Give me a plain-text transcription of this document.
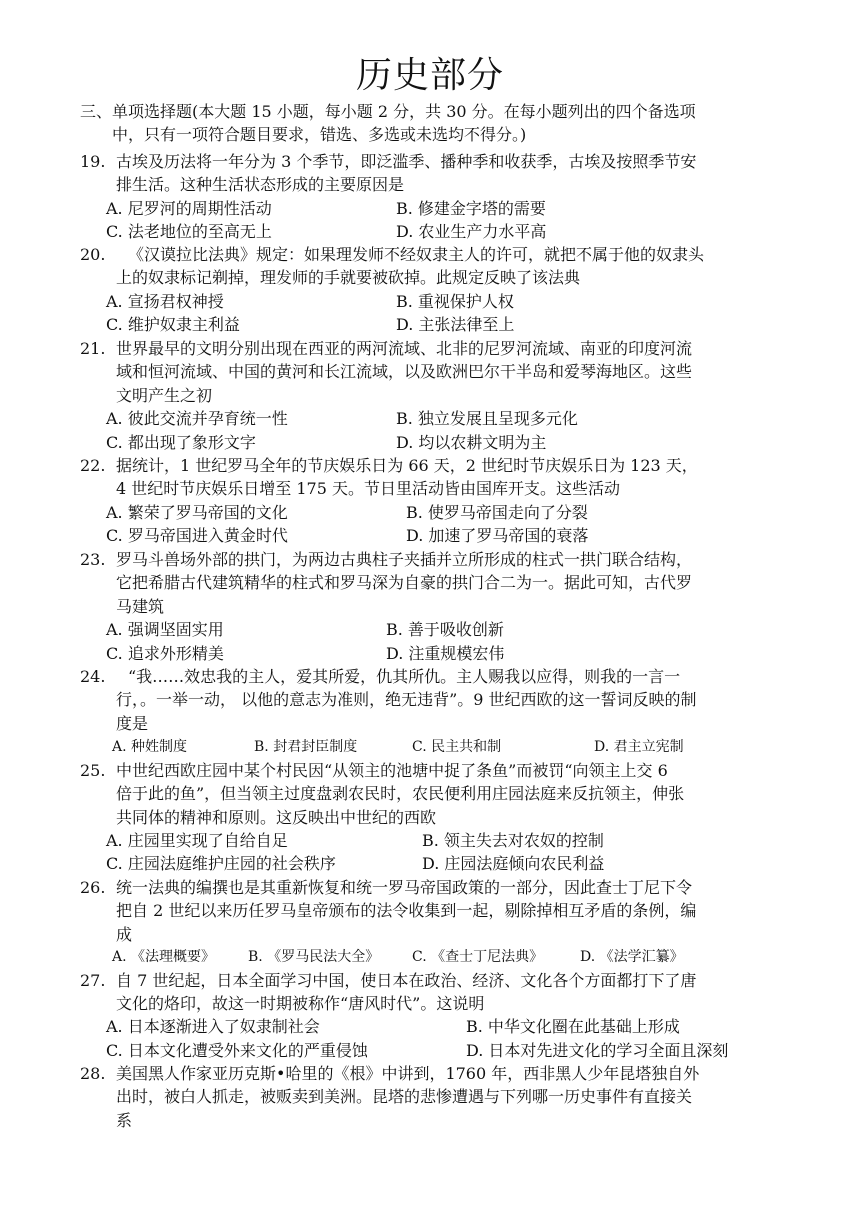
历史部分
三、单项选择题(本大题 15 小题，每小题 2 分，共 30 分。在每小题列出的四个备选项
中，只有一项符合题目要求，错选、多选或未选均不得分。)
19. 古埃及历法将一年分为 3 个季节，即泛滥季、播种季和收获季，古埃及按照季节安
排生活。这种生活状态形成的主要原因是
A. 尼罗河的周期性活动	B. 修建金字塔的需要
C. 法老地位的至高无上	D. 农业生产力水平高
20.	《汉谟拉比法典》规定：如果理发师不经奴隶主人的许可，就把不属于他的奴隶头
上的奴隶标记剃掉，理发师的手就要被砍掉。此规定反映了该法典
A. 宣扬君权神授	B. 重视保护人权
C. 维护奴隶主利益	D. 主张法律至上
21. 世界最早的文明分别出现在西亚的两河流域、北非的尼罗河流域、南亚的印度河流
域和恒河流域、中国的黄河和长江流域，以及欧洲巴尔干半岛和爱琴海地区。这些
文明产生之初
A. 彼此交流并孕育统一性	B. 独立发展且呈现多元化
C. 都出现了象形文字	D. 均以农耕文明为主
22. 据统计，1 世纪罗马全年的节庆娱乐日为 66 天，2 世纪时节庆娱乐日为 123 天，
4 世纪时节庆娱乐日增至 175 天。节日里活动皆由国库开支。这些活动
A. 繁荣了罗马帝国的文化	B. 使罗马帝国走向了分裂
C. 罗马帝国进入黄金时代	D. 加速了罗马帝国的衰落
23. 罗马斗兽场外部的拱门，为两边古典柱子夹插并立所形成的柱式一拱门联合结构，
它把希腊古代建筑精华的柱式和罗马深为自豪的拱门合二为一。据此可知，古代罗
马建筑
A. 强调坚固实用	B. 善于吸收创新
C. 追求外形精美	D. 注重规模宏伟
24.	“我……效忠我的主人，爱其所爱，仇其所仇。主人赐我以应得，则我的一言一
行，。一举一动， 以他的意志为准则，绝无违背”。9 世纪西欧的这一誓词反映的制
度是
A. 种姓制度	B. 封君封臣制度	C. 民主共和制	D. 君主立宪制
25. 中世纪西欧庄园中某个村民因“从领主的池塘中捉了条鱼”而被罚“向领主上交 6
倍于此的鱼”，但当领主过度盘剥农民时，农民便利用庄园法庭来反抗领主，伸张
共同体的精神和原则。这反映出中世纪的西欧
A. 庄园里实现了自给自足	B. 领主失去对农奴的控制
C. 庄园法庭维护庄园的社会秩序	D. 庄园法庭倾向农民利益
26. 统一法典的编撰也是其重新恢复和统一罗马帝国政策的一部分，因此查士丁尼下令
把自 2 世纪以来历任罗马皇帝颁布的法令收集到一起，剔除掉相互矛盾的条例，编
成
A. 《法理概要》 B. 《罗马民法大全》 C. 《查士丁尼法典》	D. 《法学汇纂》
27. 自 7 世纪起，日本全面学习中国，使日本在政治、经济、文化各个方面都打下了唐
文化的烙印，故这一时期被称作“唐风时代”。这说明
A. 日本逐渐进入了奴隶制社会	B. 中华文化圈在此基础上形成
C. 日本文化遭受外来文化的严重侵蚀	D. 日本对先进文化的学习全面且深刻
28. 美国黑人作家亚历克斯•哈里的《根》中讲到，1760 年，西非黑人少年昆塔独自外
出时，被白人抓走，被贩卖到美洲。昆塔的悲惨遭遇与下列哪一历史事件有直接关
系
